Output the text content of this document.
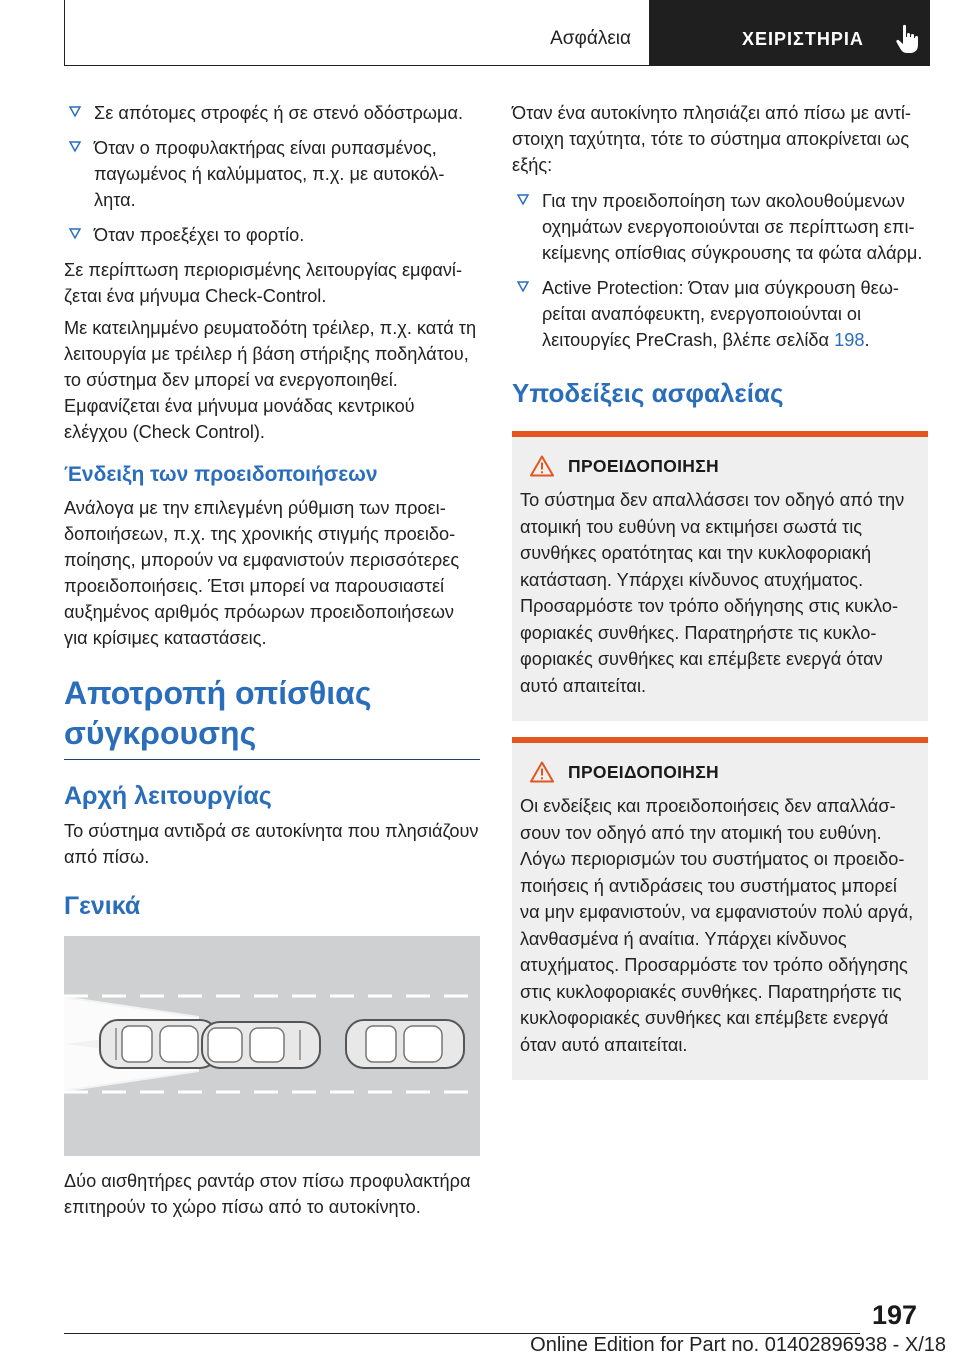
Ασφάλεια	ΧΕΙΡΙΣΤΗΡΙΑ
Σε απότομες στροφές ή σε στενό οδόστρωμα.
Όταν ο προφυλακτήρας είναι ρυπασμένος, παγωμένος ή καλύμματος, π.χ. με αυτοκόλλητα.
Όταν προεξέχει το φορτίο.

Σε περίπτωση περιορισμένης λειτουργίας εμφανίζεται ένα μήνυμα Check-Control.

Με κατειλημμένο ρευματοδότη τρέιλερ, π.χ. κατά τη λειτουργία με τρέιλερ ή βάση στήριξης ποδηλάτου, το σύστημα δεν μπορεί να ενεργοποιηθεί. Εμφανίζεται ένα μήνυμα μονάδας κεντρικού ελέγχου (Check Control).

Ένδειξη των προειδοποιήσεων

Ανάλογα με την επιλεγμένη ρύθμιση των προειδοποιήσεων, π.χ. της χρονικής στιγμής προειδοποίησης, μπορούν να εμφανιστούν περισσότερες προειδοποιήσεις. Έτσι μπορεί να παρουσιαστεί αυξημένος αριθμός πρόωρων προειδοποιήσεων για κρίσιμες καταστάσεις.

Αποτροπή οπίσθιας σύγκρουσης
Αρχή λειτουργίας

Το σύστημα αντιδρά σε αυτοκίνητα που πλησιάζουν από πίσω.

Γενικά

Δύο αισθητήρες ραντάρ στον πίσω προφυλακτήρα επιτηρούν το χώρο πίσω από το αυτοκίνητο.

Όταν ένα αυτοκίνητο πλησιάζει από πίσω με αντίστοιχη ταχύτητα, τότε το σύστημα αποκρίνεται ως εξής:

Για την προειδοποίηση των ακολουθούμενων οχημάτων ενεργοποιούνται σε περίπτωση επικείμενης οπίσθιας σύγκρουσης τα φώτα αλάρμ.
Active Protection: Όταν μια σύγκρουση θεωρείται αναπόφευκτη, ενεργοποιούνται οι λειτουργίες PreCrash, βλέπε σελίδα 198.
Υποδείξεις ασφαλείας
ΠΡΟΕΙΔΟΠΟΙΗΣΗ

Το σύστημα δεν απαλλάσσει τον οδηγό από την ατομική του ευθύνη να εκτιμήσει σωστά τις συνθήκες ορατότητας και την κυκλοφοριακή κατάσταση. Υπάρχει κίνδυνος ατυχήματος. Προσαρμόστε τον τρόπο οδήγησης στις κυκλοφοριακές συνθήκες. Παρατηρήστε τις κυκλοφοριακές συνθήκες και επέμβετε ενεργά όταν αυτό απαιτείται.

ΠΡΟΕΙΔΟΠΟΙΗΣΗ

Οι ενδείξεις και προειδοποιήσεις δεν απαλλάσσουν τον οδηγό από την ατομική του ευθύνη. Λόγω περιορισμών του συστήματος οι προειδοποιήσεις ή αντιδράσεις του συστήματος μπορεί να μην εμφανιστούν, να εμφανιστούν πολύ αργά, λανθασμένα ή αναίτια. Υπάρχει κίνδυνος ατυχήματος. Προσαρμόστε τον τρόπο οδήγησης στις κυκλοφοριακές συνθήκες. Παρατηρήστε τις κυκλοφοριακές συνθήκες και επέμβετε ενεργά όταν αυτό απαιτείται.

197
Online Edition for Part no. 01402896938 - X/18
